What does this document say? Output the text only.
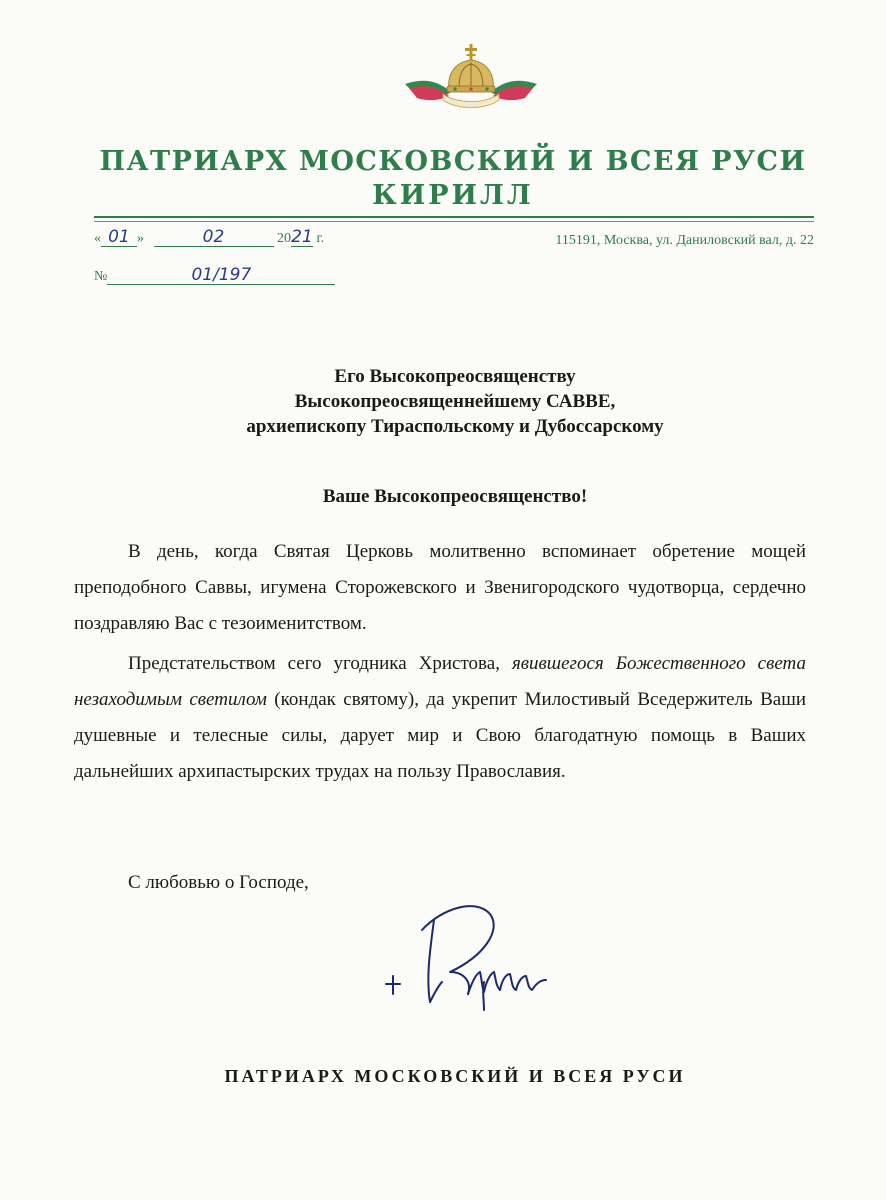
ПАТРИАРХ МОСКОВСКИЙ И ВСЕЯ РУСИ
КИРИЛЛ
« 01 »	02	2021 г.	115191, Москва, ул. Даниловский вал, д. 22
№	01/197
Его Высокопреосвященству
Высокопреосвященнейшему САВВЕ,
архиепископу Тираспольскому и Дубоссарскому
Ваше Высокопреосвященство!

В день, когда Святая Церковь молитвенно вспоминает обретение мощей преподобного Саввы, игумена Сторожевского и Звенигородского чудотворца, сердечно поздравляю Вас с тезоименитством.

Предстательством сего угодника Христова, явившегося Божественного света незаходимым светилом (кондак святому), да укрепит Милостивый Вседержитель Ваши душевные и телесные силы, дарует мир и Свою благодатную помощь в Ваших дальнейших архипастырских трудах на пользу Православия.

С любовью о Господе,
ПАТРИАРХ МОСКОВСКИЙ И ВСЕЯ РУСИ
